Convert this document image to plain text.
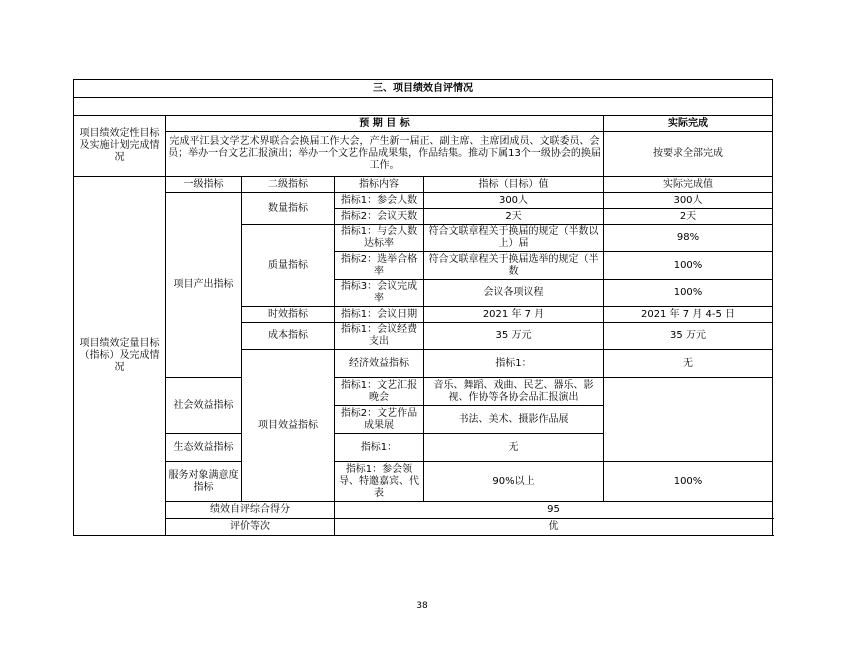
三、项目绩效自评情况						

项目绩效定性目标及实施计划完成情况	预 期 目 标				实际完成	
	完成平江县文学艺术界联合会换届工作大会，产生新一届正、副主席、主席团成员、文联委员、会员；举办一台文艺汇报演出；举办一个文艺作品成果集，作品结集。推动下属13个一级协会的换届工作。				按要求全部完成	
项目绩效定量目标（指标）及完成情况	一级指标	二级指标	指标内容	指标（目标）值	实际完成值	
	项目产出指标	数量指标	指标1：参会人数	300人	300人	
			指标2：会议天数	2天	2天	
		质量指标	指标1：与会人数达标率	符合文联章程关于换届的规定（半数以上）届	98%	
			指标2：选举合格率	符合文联章程关于换届选举的规定（半数	100%	
			指标3：会议完成率	会议各项议程	100%	
		时效指标	指标1：会议日期	2021 年 7 月	2021 年 7 月 4-5 日	
		成本指标	指标1：会议经费支出	35 万元	35 万元	
		项目效益指标	经济效益指标	指标1：	无	
	社会效益指标		指标1：文艺汇报晚会	音乐、舞蹈、戏曲、民艺、器乐、影视、作协等各协会品汇报演出		
			指标2：文艺作品成果展	书法、美术、摄影作品展		
	生态效益指标		指标1：	无		
	服务对象满意度指标		指标1：参会领导、特邀嘉宾、代表	90%以上	100%	

	绩效自评综合得分		95			
	评价等次		优			
38
